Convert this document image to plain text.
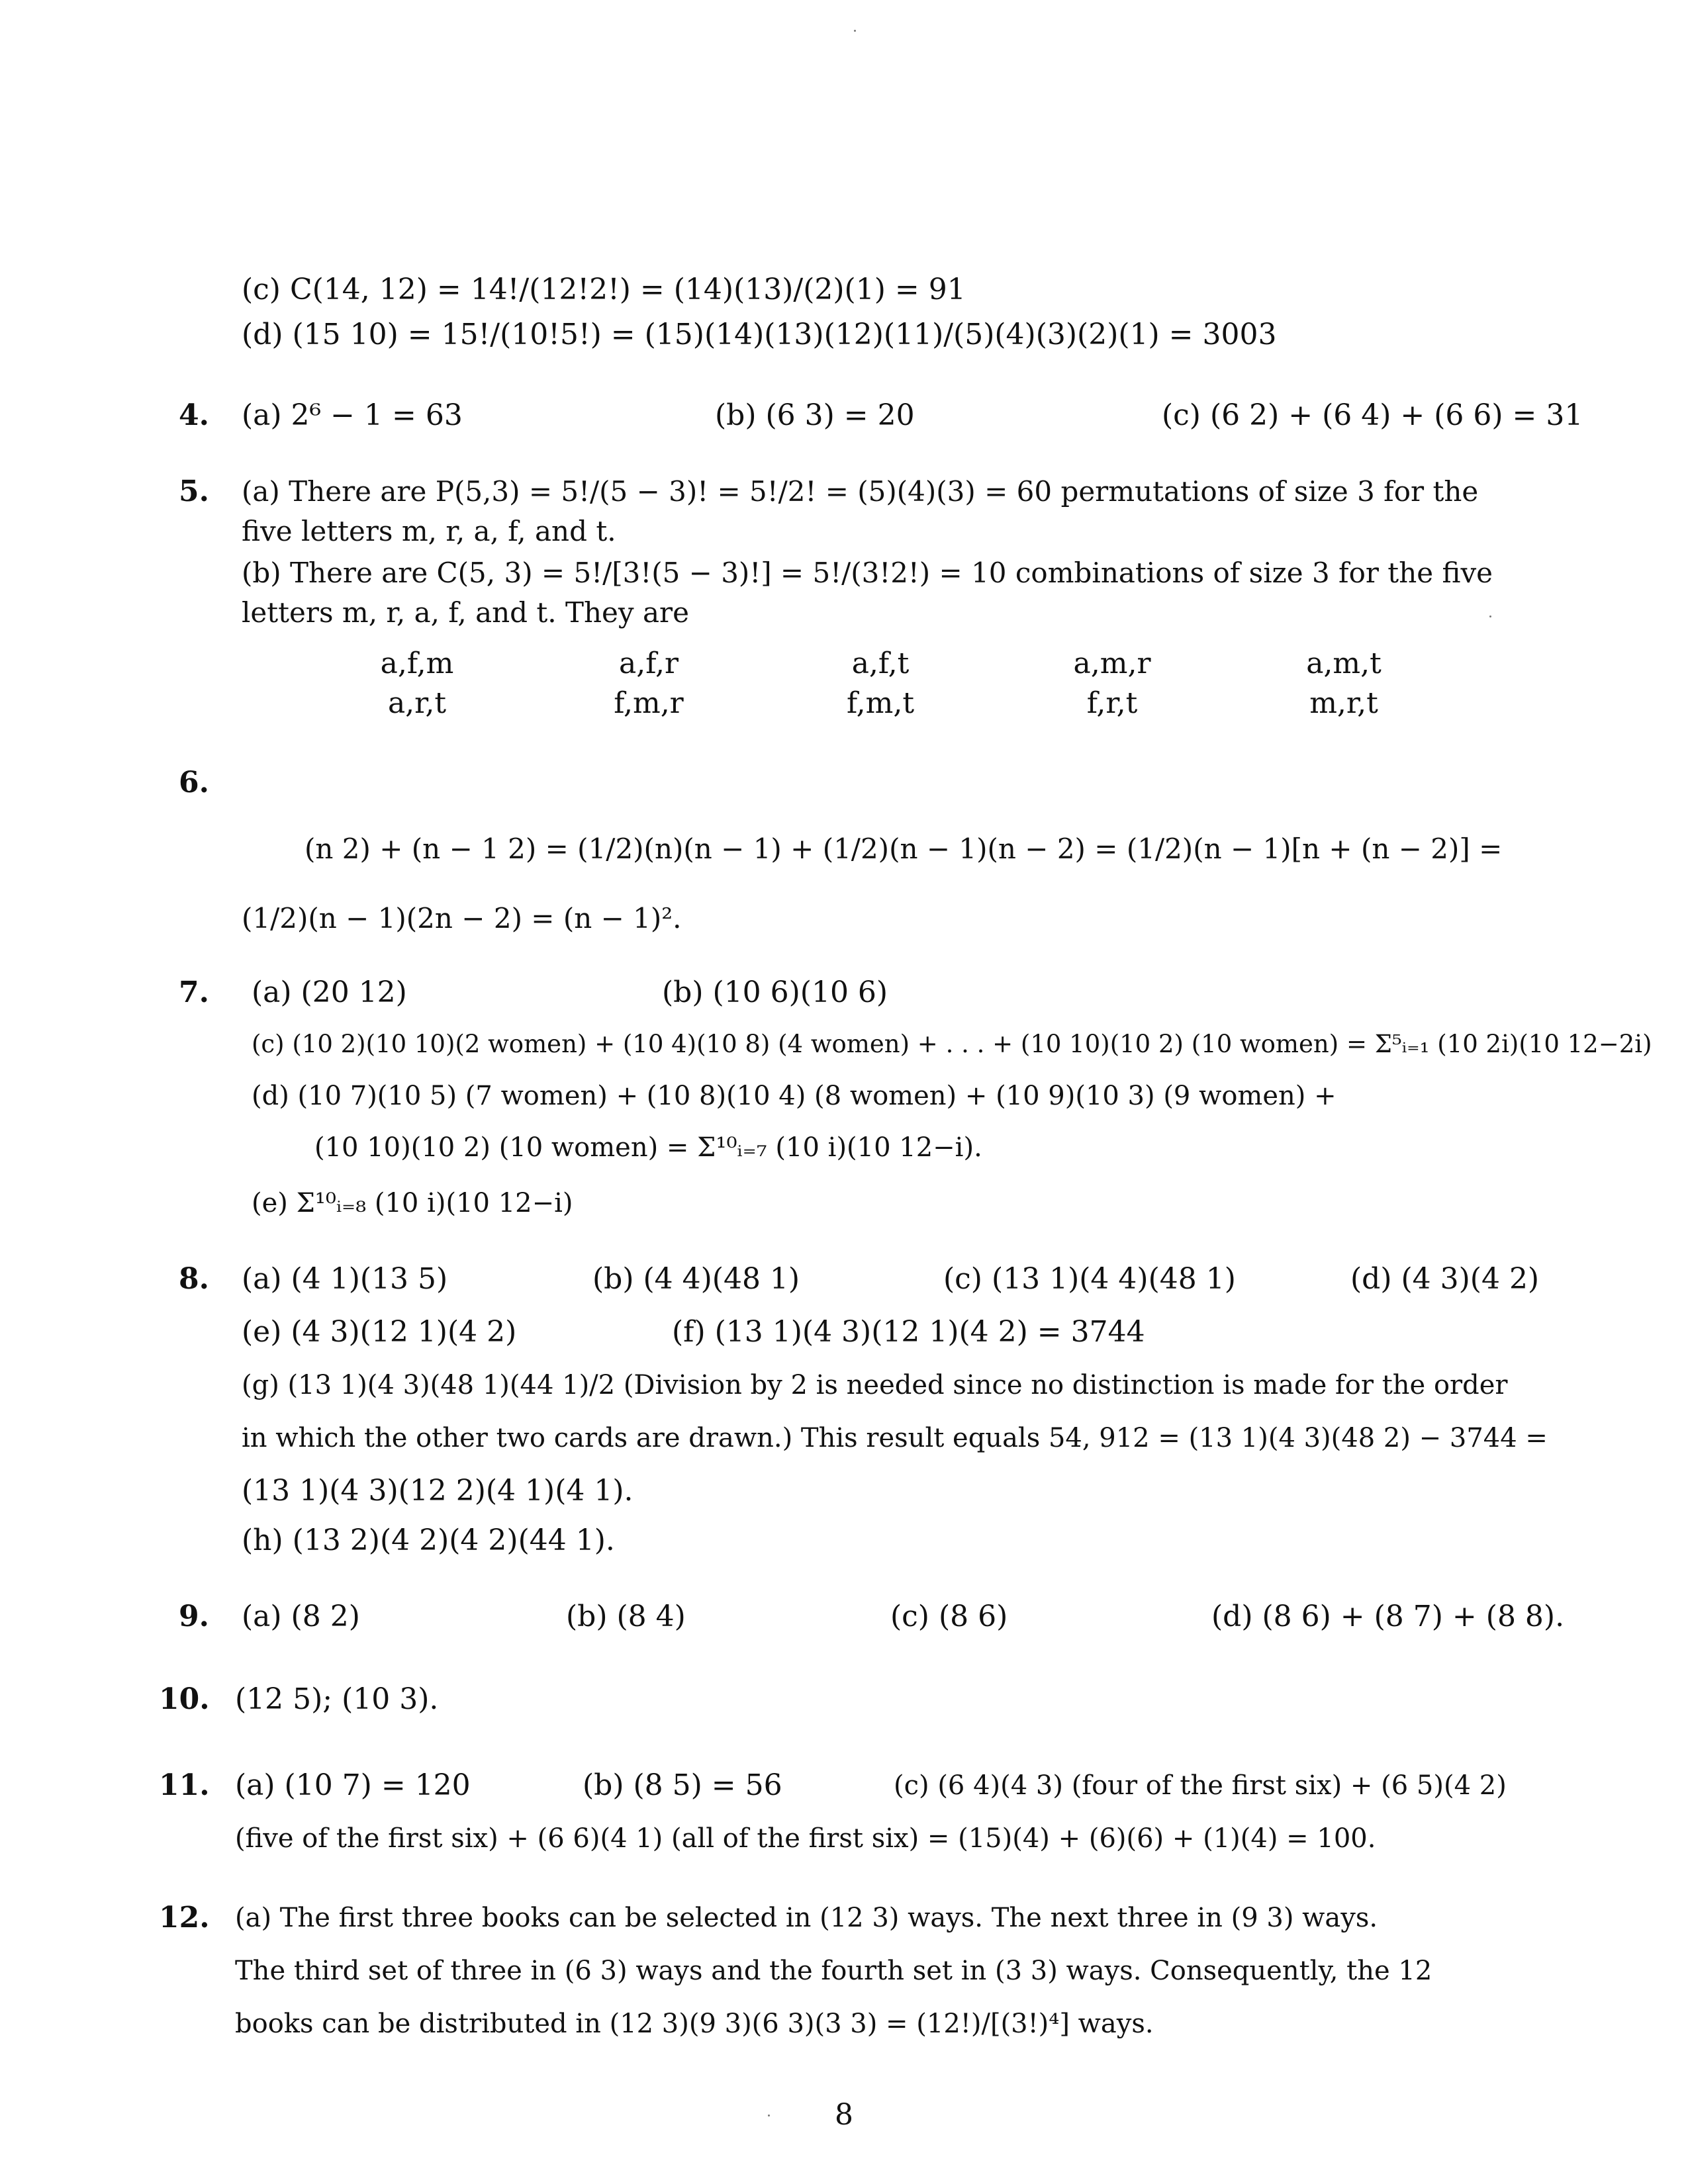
(c) C(14, 12) = 14!/(12!2!) = (14)(13)/(2)(1) = 91
(d) (15 10) = 15!/(10!5!) = (15)(14)(13)(12)(11)/(5)(4)(3)(2)(1) = 3003
4. (a) 2⁶ − 1 = 63	(b) (6 3) = 20	(c) (6 2) + (6 4) + (6 6) = 31
5. (a) There are P(5,3) = 5!/(5 − 3)! = 5!/2! = (5)(4)(3) = 60 permutations of size 3 for the
five letters m, r, a, f, and t.
(b) There are C(5, 3) = 5!/[3!(5 − 3)!] = 5!/(3!2!) = 10 combinations of size 3 for the five
letters m, r, a, f, and t. They are
a,f,m	a,f,r	a,f,t	a,m,r	a,m,t
a,r,t	f,m,r	f,m,t	f,r,t	m,r,t
6.
(n 2) + (n − 1 2) = (1/2)(n)(n − 1) + (1/2)(n − 1)(n − 2) = (1/2)(n − 1)[n + (n − 2)] =
(1/2)(n − 1)(2n − 2) = (n − 1)².
7. (a) (20 12)	(b) (10 6)(10 6)
(c) (10 2)(10 10)(2 women) + (10 4)(10 8) (4 women) + . . . + (10 10)(10 2) (10 women) = Σ⁵ᵢ₌₁ (10 2i)(10 12−2i)
(d) (10 7)(10 5) (7 women) + (10 8)(10 4) (8 women) + (10 9)(10 3) (9 women) +
(10 10)(10 2) (10 women) = Σ¹⁰ᵢ₌₇ (10 i)(10 12−i).
(e) Σ¹⁰ᵢ₌₈ (10 i)(10 12−i)
8. (a) (4 1)(13 5)	(b) (4 4)(48 1)	(c) (13 1)(4 4)(48 1)	(d) (4 3)(4 2)
(e) (4 3)(12 1)(4 2)	(f) (13 1)(4 3)(12 1)(4 2) = 3744
(g) (13 1)(4 3)(48 1)(44 1)/2 (Division by 2 is needed since no distinction is made for the order
in which the other two cards are drawn.) This result equals 54, 912 = (13 1)(4 3)(48 2) − 3744 =
(13 1)(4 3)(12 2)(4 1)(4 1).
(h) (13 2)(4 2)(4 2)(44 1).
9. (a) (8 2)	(b) (8 4)	(c) (8 6)	(d) (8 6) + (8 7) + (8 8).
10. (12 5); (10 3).
11. (a) (10 7) = 120	(b) (8 5) = 56	(c) (6 4)(4 3) (four of the first six) + (6 5)(4 2)
(five of the first six) + (6 6)(4 1) (all of the first six) = (15)(4) + (6)(6) + (1)(4) = 100.
12. (a) The first three books can be selected in (12 3) ways. The next three in (9 3) ways.
The third set of three in (6 3) ways and the fourth set in (3 3) ways. Consequently, the 12
books can be distributed in (12 3)(9 3)(6 3)(3 3) = (12!)/[(3!)⁴] ways.
8
